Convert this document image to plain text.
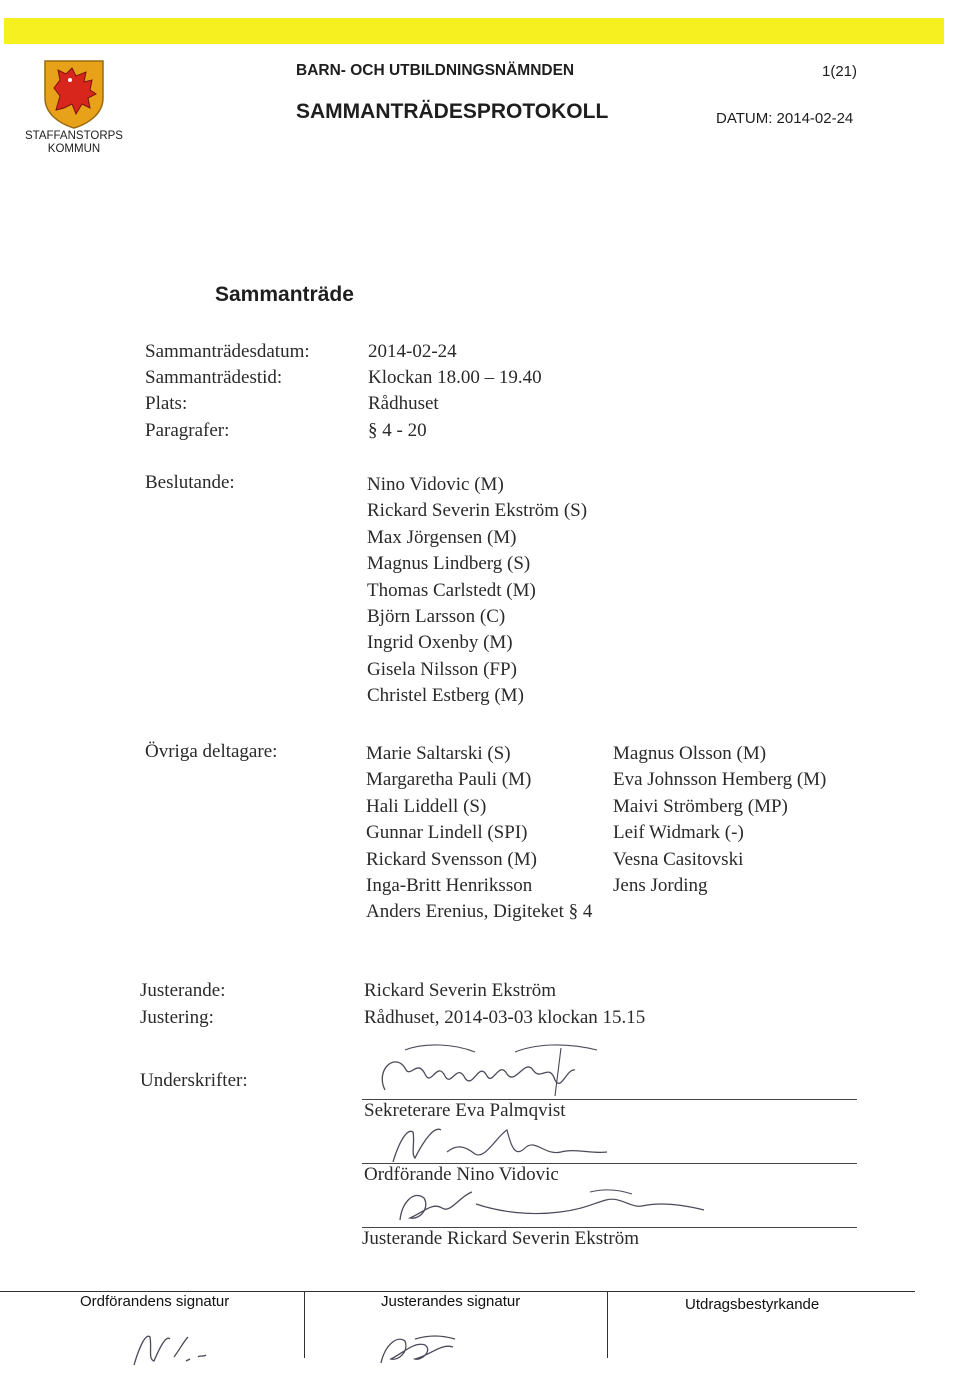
STAFFANSTORPS
KOMMUN
BARN- OCH UTBILDNINGSNÄMNDEN	1(21)
SAMMANTRÄDESPROTOKOLL	DATUM: 2014-02-24
Sammanträde
Sammanträdesdatum:	2014-02-24
Sammanträdestid:	Klockan 18.00 – 19.40
Plats:	Rådhuset
Paragrafer:	§ 4 - 20
Beslutande:	Nino Vidovic (M)
Rickard Severin Ekström (S)
Max Jörgensen (M)
Magnus Lindberg (S)
Thomas Carlstedt (M)
Björn Larsson (C)
Ingrid Oxenby (M)
Gisela Nilsson (FP)
Christel Estberg (M)
Övriga deltagare:	Marie Saltarski (S)
Margaretha Pauli (M)
Hali Liddell (S)
Gunnar Lindell (SPI)
Rickard Svensson (M)
Inga-Britt Henriksson
Anders Erenius, Digiteket § 4
Magnus Olsson (M)
Eva Johnsson Hemberg (M)
Maivi Strömberg (MP)
Leif Widmark (-)
Vesna Casitovski
Jens Jording
Justerande:	Rickard Severin Ekström
Justering:	Rådhuset, 2014-03-03 klockan 15.15
Underskrifter:
Sekreterare Eva Palmqvist
Ordförande Nino Vidovic
Justerande Rickard Severin Ekström
Ordförandens signatur	Justerandes signatur	Utdragsbestyrkande
